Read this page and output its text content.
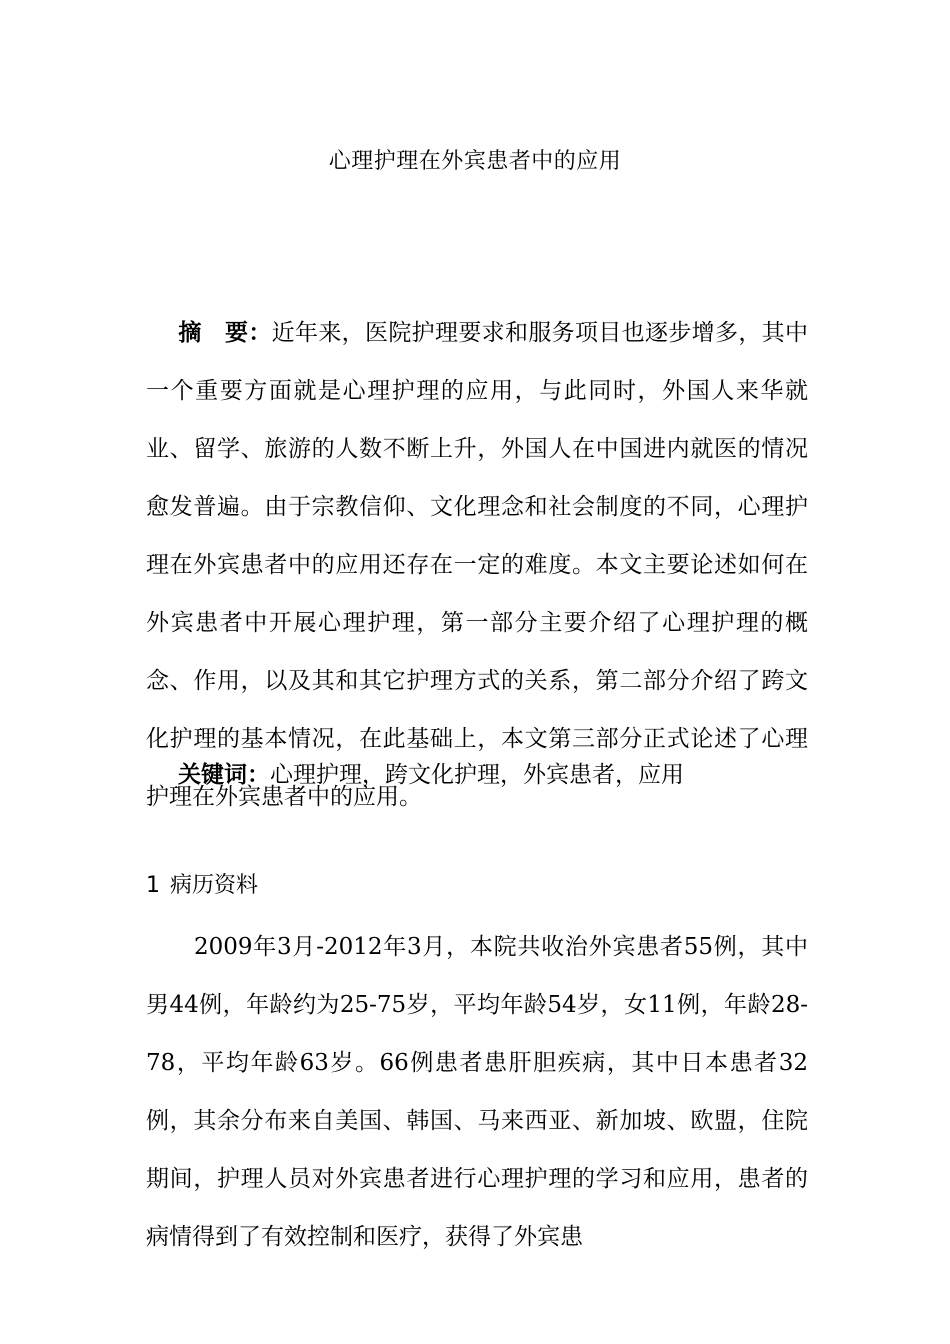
心理护理在外宾患者中的应用
摘　要：近年来，医院护理要求和服务项目也逐步增多，其中一个重要方面就是心理护理的应用，与此同时，外国人来华就业、留学、旅游的人数不断上升，外国人在中国进内就医的情况愈发普遍。由于宗教信仰、文化理念和社会制度的不同，心理护理在外宾患者中的应用还存在一定的难度。本文主要论述如何在外宾患者中开展心理护理，第一部分主要介绍了心理护理的概念、作用，以及其和其它护理方式的关系，第二部分介绍了跨文化护理的基本情况，在此基础上，本文第三部分正式论述了心理护理在外宾患者中的应用。
关键词：心理护理，跨文化护理，外宾患者，应用
1 病历资料
2009年3月-2012年3月，本院共收治外宾患者55例，其中男44例，年龄约为25-75岁，平均年龄54岁，女11例，年龄28-78，平均年龄63岁。66例患者患肝胆疾病，其中日本患者32例，其余分布来自美国、韩国、马来西亚、新加坡、欧盟，住院期间，护理人员对外宾患者进行心理护理的学习和应用，患者的病情得到了有效控制和医疗，获得了外宾患
